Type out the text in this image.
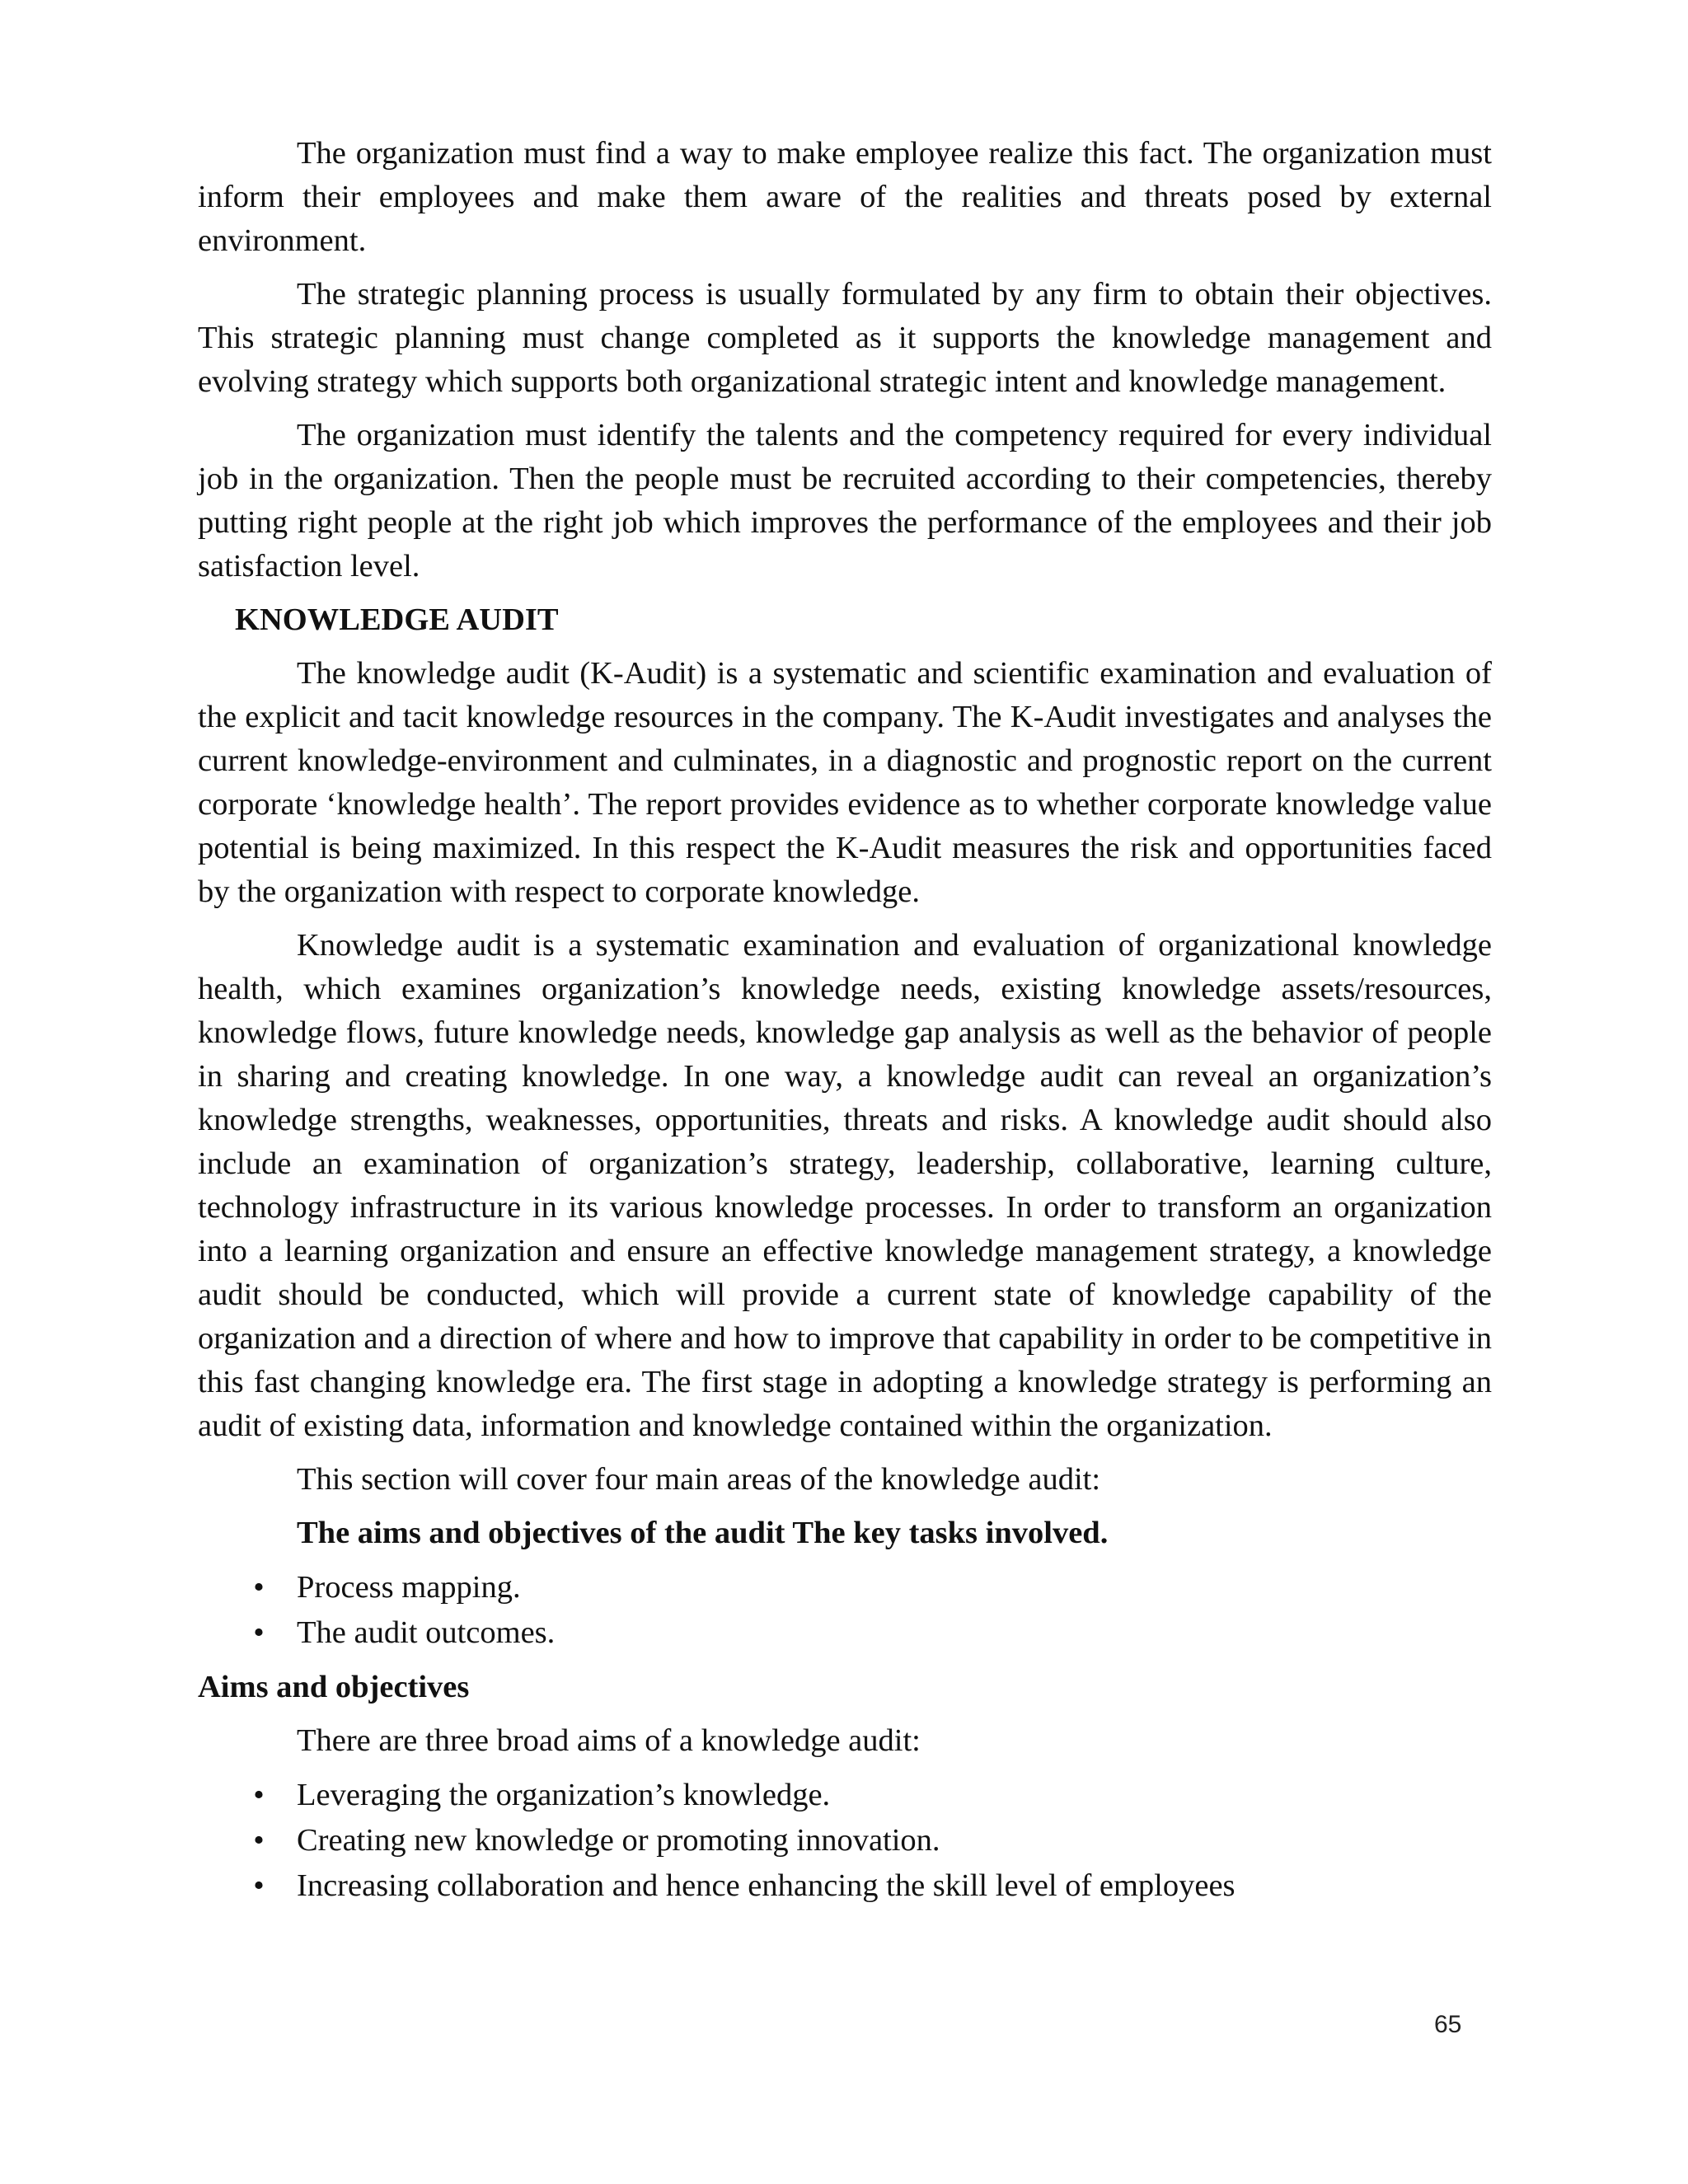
The organization must find a way to make employee realize this fact. The organization must inform their employees and make them aware of the realities and threats posed by external environment.

The strategic planning process is usually formulated by any firm to obtain their objectives. This strategic planning must change completed as it supports the knowledge management and evolving strategy which supports both organizational strategic intent and knowledge management.

The organization must identify the talents and the competency required for every individual job in the organization. Then the people must be recruited according to their competencies, thereby putting right people at the right job which improves the performance of the employees and their job satisfaction level.

KNOWLEDGE AUDIT

The knowledge audit (K-Audit) is a systematic and scientific examination and evaluation of the explicit and tacit knowledge resources in the company. The K-Audit investigates and analyses the current knowledge-environment and culminates, in a diagnostic and prognostic report on the current corporate ‘knowledge health’. The report provides evidence as to whether corporate knowledge value potential is being maximized. In this respect the K-Audit measures the risk and opportunities faced by the organization with respect to corporate knowledge.

Knowledge audit is a systematic examination and evaluation of organizational knowledge health, which examines organization’s knowledge needs, existing knowledge assets/resources, knowledge flows, future knowledge needs, knowledge gap analysis as well as the behavior of people in sharing and creating knowledge. In one way, a knowledge audit can reveal an organization’s knowledge strengths, weaknesses, opportunities, threats and risks. A knowledge audit should also include an examination of organization’s strategy, leadership, collaborative, learning culture, technology infrastructure in its various knowledge processes. In order to transform an organization into a learning organization and ensure an effective knowledge management strategy, a knowledge audit should be conducted, which will provide a current state of knowledge capability of the organization and a direction of where and how to improve that capability in order to be competitive in this fast changing knowledge era. The first stage in adopting a knowledge strategy is performing an audit of existing data, information and knowledge contained within the organization.

This section will cover four main areas of the knowledge audit:

The aims and objectives of the audit The key tasks involved.

• Process mapping.
• The audit outcomes.

Aims and objectives

There are three broad aims of a knowledge audit:

• Leveraging the organization’s knowledge.
• Creating new knowledge or promoting innovation.
• Increasing collaboration and hence enhancing the skill level of employees
65
